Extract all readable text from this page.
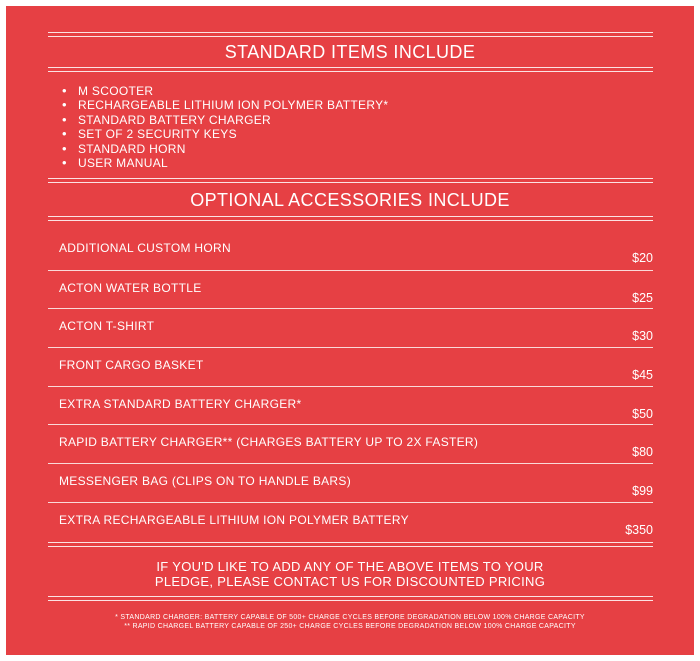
STANDARD ITEMS INCLUDE
• M SCOOTER
• RECHARGEABLE LITHIUM ION POLYMER BATTERY*
• STANDARD BATTERY CHARGER
• SET OF 2 SECURITY KEYS
• STANDARD HORN
• USER MANUAL
OPTIONAL ACCESSORIES INCLUDE
ADDITIONAL CUSTOM HORN
$20
ACTON WATER BOTTLE
$25
ACTON T-SHIRT
$30
FRONT CARGO BASKET
$45
EXTRA STANDARD BATTERY CHARGER*
$50
RAPID BATTERY CHARGER** (CHARGES BATTERY UP TO 2X FASTER)
$80
MESSENGER BAG (CLIPS ON TO HANDLE BARS)
$99
EXTRA RECHARGEABLE LITHIUM ION POLYMER BATTERY
$350
IF YOU'D LIKE TO ADD ANY OF THE ABOVE ITEMS TO YOUR
PLEDGE, PLEASE CONTACT US FOR DISCOUNTED PRICING
* STANDARD CHARGER: BATTERY CAPABLE OF 500+ CHARGE CYCLES BEFORE DEGRADATION BELOW 100% CHARGE CAPACITY
** RAPID CHARGEL BATTERY CAPABLE OF 250+ CHARGE CYCLES BEFORE DEGRADATION BELOW 100% CHARGE CAPACITY
